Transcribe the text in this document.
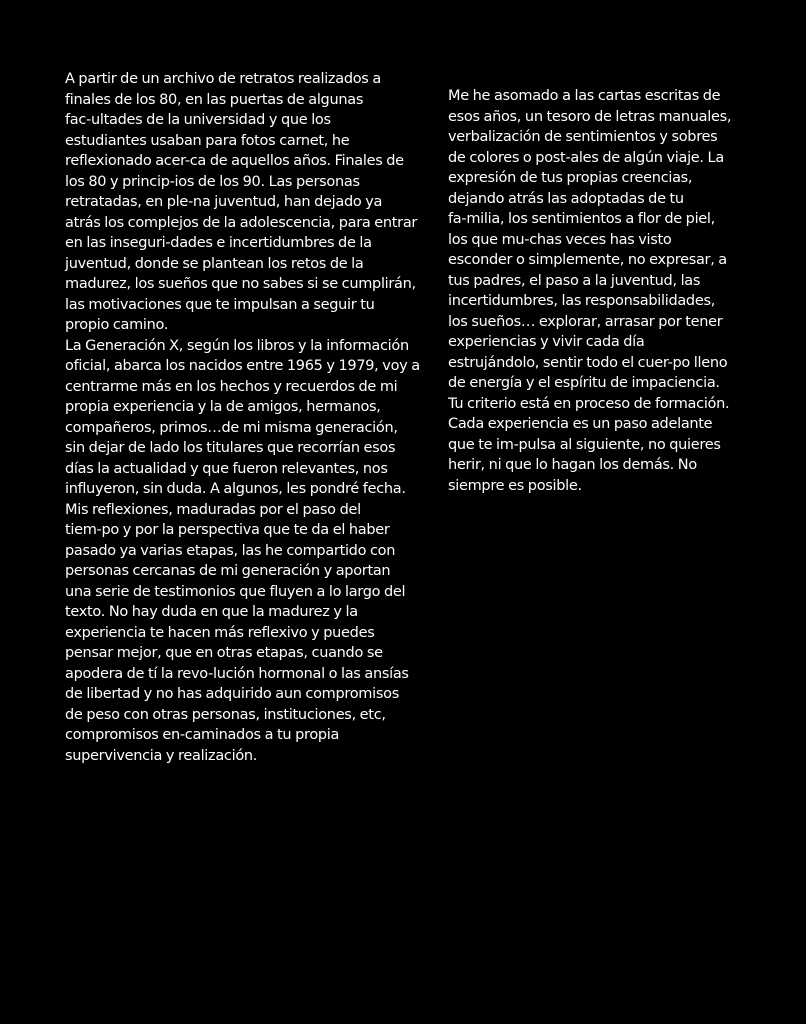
A partir de un archivo de retratos realizados a
finales de los 80, en las puertas de algunas
fac-ultades de la universidad y que los
estudiantes usaban para fotos carnet, he
reflexionado acer-ca de aquellos años. Finales de
los 80 y princip-ios de los 90. Las personas
retratadas, en ple-na juventud, han dejado ya
atrás los complejos de la adolescencia, para entrar
en las inseguri-dades e incertidumbres de la
juventud, donde se plantean los retos de la
madurez, los sueños que no sabes si se cumplirán,
las motivaciones que te impulsan a seguir tu
propio camino.
La Generación X, según los libros y la información
oficial, abarca los nacidos entre 1965 y 1979, voy a
centrarme más en los hechos y recuerdos de mi
propia experiencia y la de amigos, hermanos,
compañeros, primos…de mi misma generación,
sin dejar de lado los titulares que recorrían esos
días la actualidad y que fueron relevantes, nos
influyeron, sin duda. A algunos, les pondré fecha.
Mis reflexiones, maduradas por el paso del
tiem-po y por la perspectiva que te da el haber
pasado ya varias etapas, las he compartido con
personas cercanas de mi generación y aportan
una serie de testimonios que fluyen a lo largo del
texto. No hay duda en que la madurez y la
experiencia te hacen más reflexivo y puedes
pensar mejor, que en otras etapas, cuando se
apodera de tí la revo-lución hormonal o las ansías
de libertad y no has adquirido aun compromisos
de peso con otras personas, instituciones, etc,
compromisos en-caminados a tu propia
supervivencia y realización.
Me he asomado a las cartas escritas de
esos años, un tesoro de letras manuales,
verbalización de sentimientos y sobres
de colores o post-ales de algún viaje. La
expresión de tus propias creencias,
dejando atrás las adoptadas de tu
fa-milia, los sentimientos a flor de piel,
los que mu-chas veces has visto
esconder o simplemente, no expresar, a
tus padres, el paso a la juventud, las
incertidumbres, las responsabilidades,
los sueños… explorar, arrasar por tener
experiencias y vivir cada día
estrujándolo, sentir todo el cuer-po lleno
de energía y el espíritu de impaciencia.
Tu criterio está en proceso de formación.
Cada experiencia es un paso adelante
que te im-pulsa al siguiente, no quieres
herir, ni que lo hagan los demás. No
siempre es posible.
